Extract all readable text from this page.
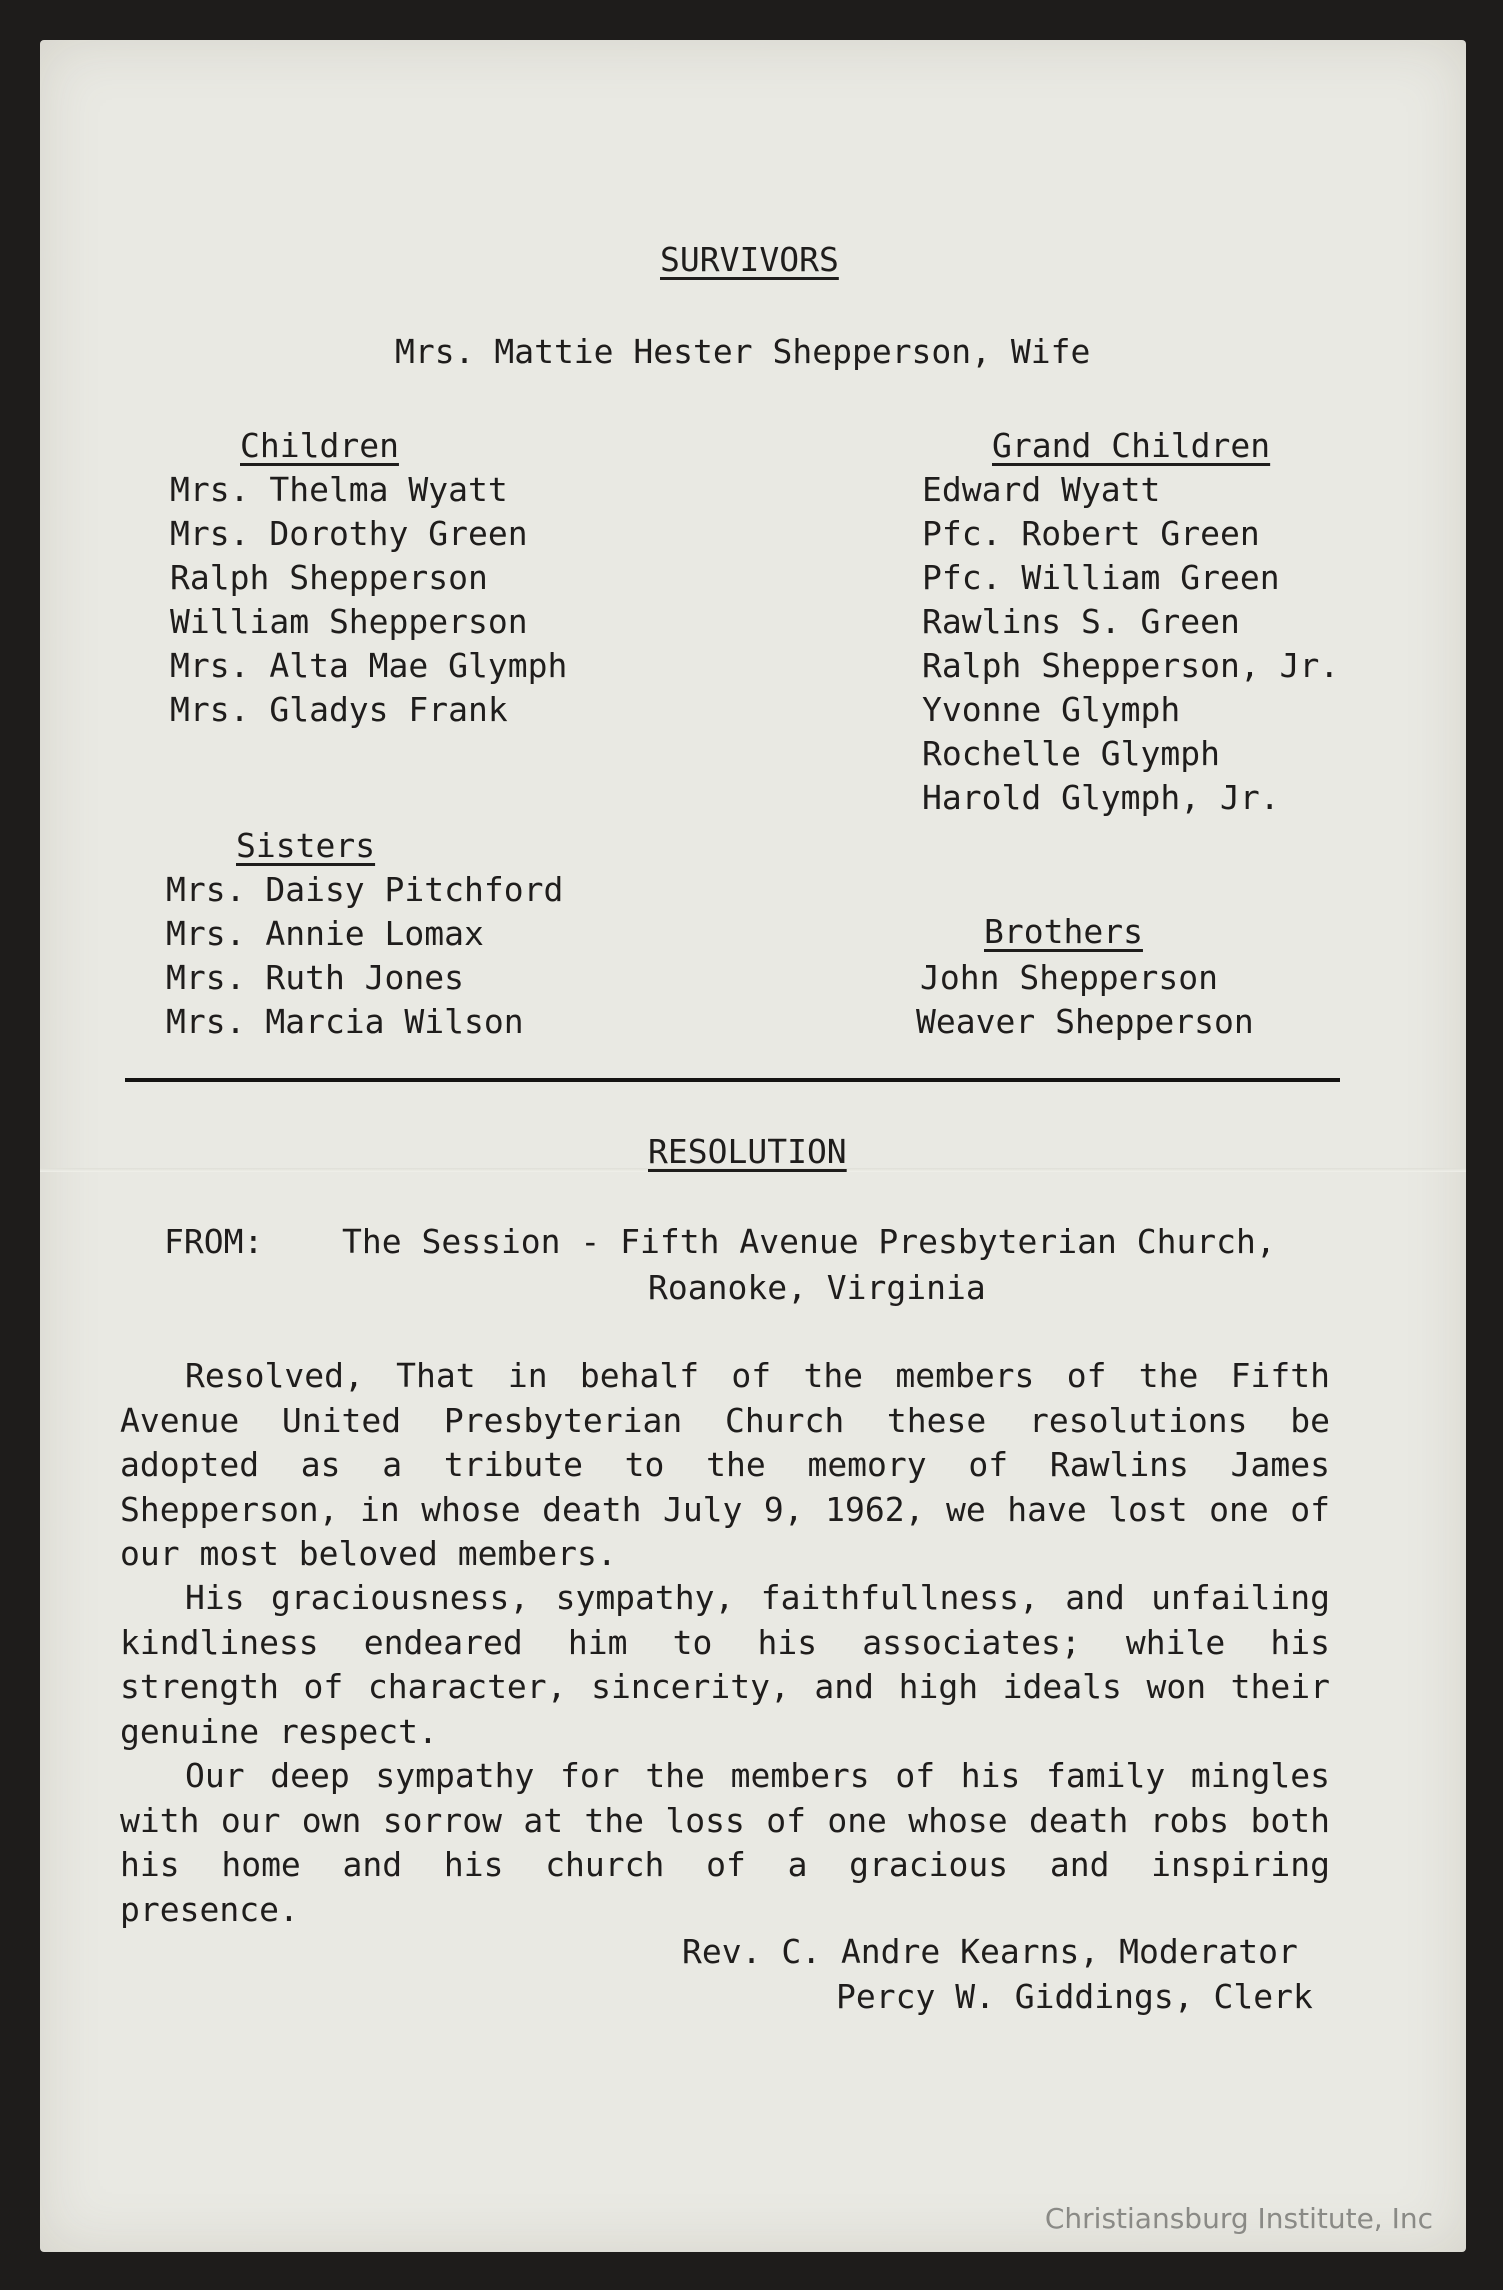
SURVIVORS
Mrs. Mattie Hester Shepperson, Wife
Children
Mrs. Thelma Wyatt
Mrs. Dorothy Green
Ralph Shepperson
William Shepperson
Mrs. Alta Mae Glymph
Mrs. Gladys Frank
Grand Children
Edward Wyatt
Pfc. Robert Green
Pfc. William Green
Rawlins S. Green
Ralph Shepperson, Jr.
Yvonne Glymph
Rochelle Glymph
Harold Glymph, Jr.
Sisters
Mrs. Daisy Pitchford
Mrs. Annie Lomax
Mrs. Ruth Jones
Mrs. Marcia Wilson
Brothers
John Shepperson
Weaver Shepperson
RESOLUTION
FROM: The Session - Fifth Avenue Presbyterian Church,
Roanoke, Virginia
Resolved, That in behalf of the members of the Fifth Avenue United Presbyterian Church these resolutions be adopted as a tribute to the memory of Rawlins James Shepperson, in whose death July 9, 1962, we have lost one of our most beloved members.
His graciousness, sympathy, faithfullness, and unfailing kindliness endeared him to his associates; while his strength of character, sincerity, and high ideals won their genuine respect.
Our deep sympathy for the members of his family mingles with our own sorrow at the loss of one whose death robs both his home and his church of a gracious and inspiring presence.
Rev. C. Andre Kearns, Moderator
Percy W. Giddings, Clerk
Christiansburg Institute, Inc
